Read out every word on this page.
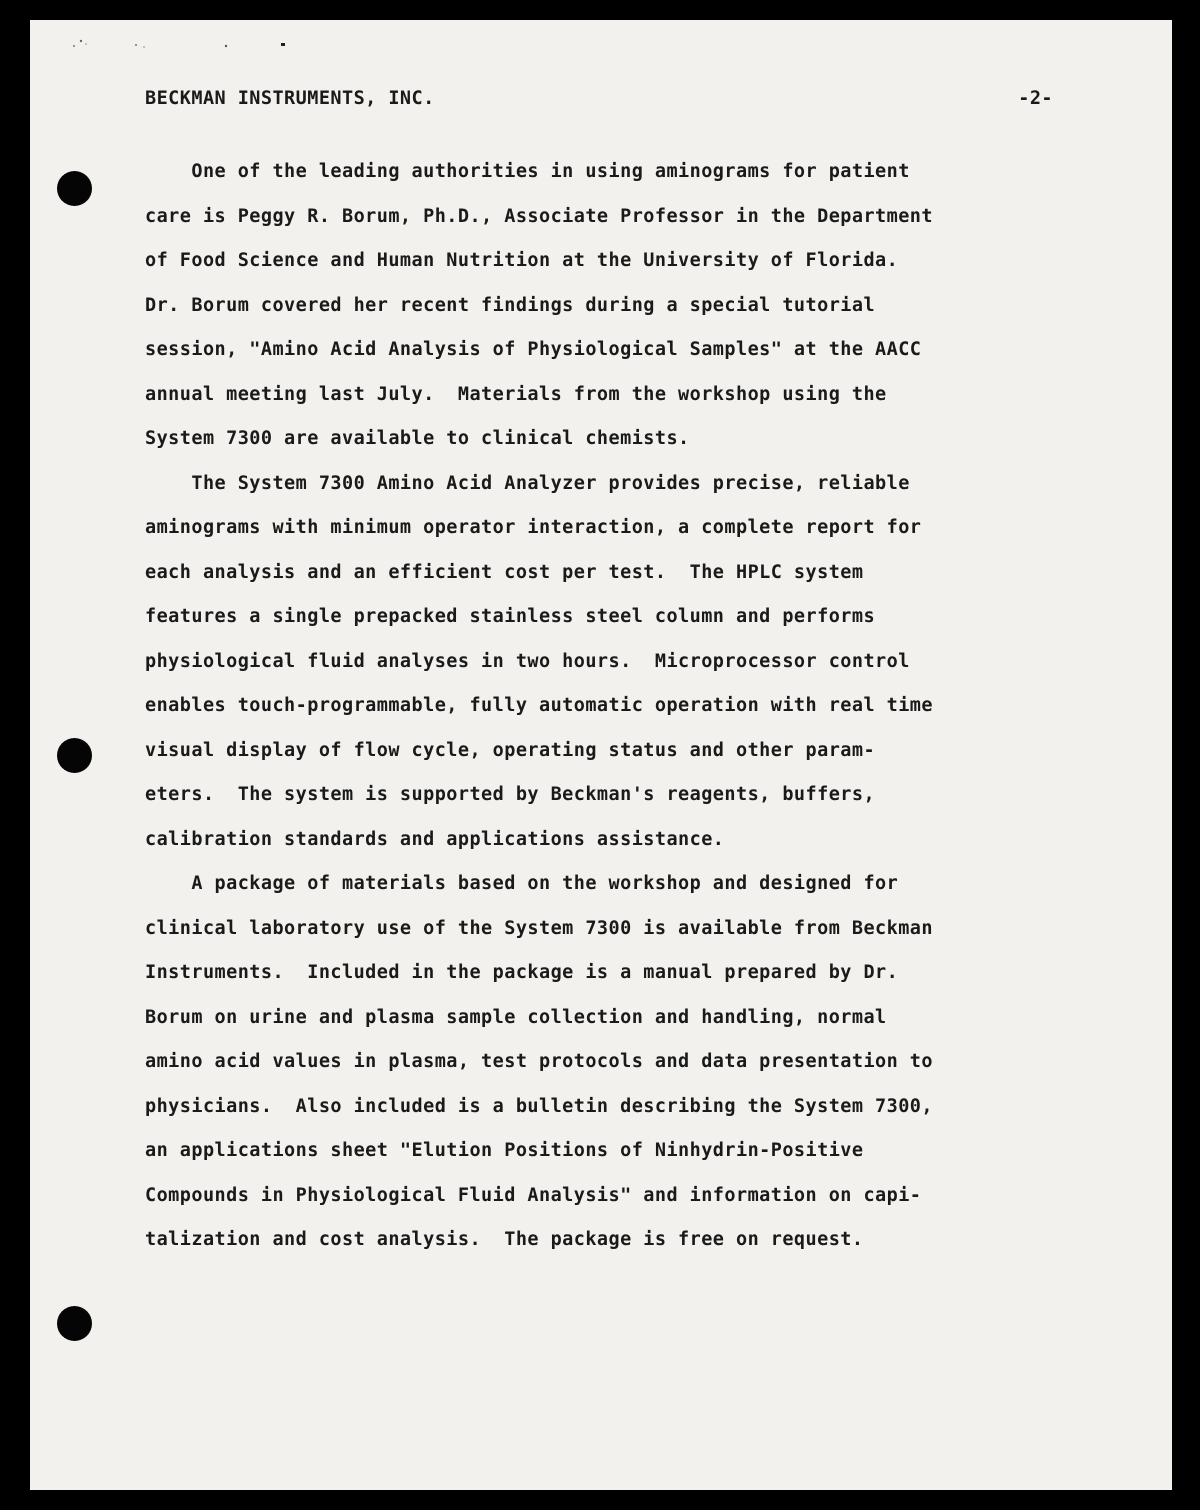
BECKMAN INSTRUMENTS, INC.	-2-
One of the leading authorities in using aminograms for patient
care is Peggy R. Borum, Ph.D., Associate Professor in the Department
of Food Science and Human Nutrition at the University of Florida.
Dr. Borum covered her recent findings during a special tutorial
session, "Amino Acid Analysis of Physiological Samples" at the AACC
annual meeting last July.  Materials from the workshop using the
System 7300 are available to clinical chemists.
The System 7300 Amino Acid Analyzer provides precise, reliable
aminograms with minimum operator interaction, a complete report for
each analysis and an efficient cost per test.  The HPLC system
features a single prepacked stainless steel column and performs
physiological fluid analyses in two hours.  Microprocessor control
enables touch-programmable, fully automatic operation with real time
visual display of flow cycle, operating status and other param-
eters.  The system is supported by Beckman's reagents, buffers,
calibration standards and applications assistance.
A package of materials based on the workshop and designed for
clinical laboratory use of the System 7300 is available from Beckman
Instruments.  Included in the package is a manual prepared by Dr.
Borum on urine and plasma sample collection and handling, normal
amino acid values in plasma, test protocols and data presentation to
physicians.  Also included is a bulletin describing the System 7300,
an applications sheet "Elution Positions of Ninhydrin-Positive
Compounds in Physiological Fluid Analysis" and information on capi-
talization and cost analysis.  The package is free on request.
